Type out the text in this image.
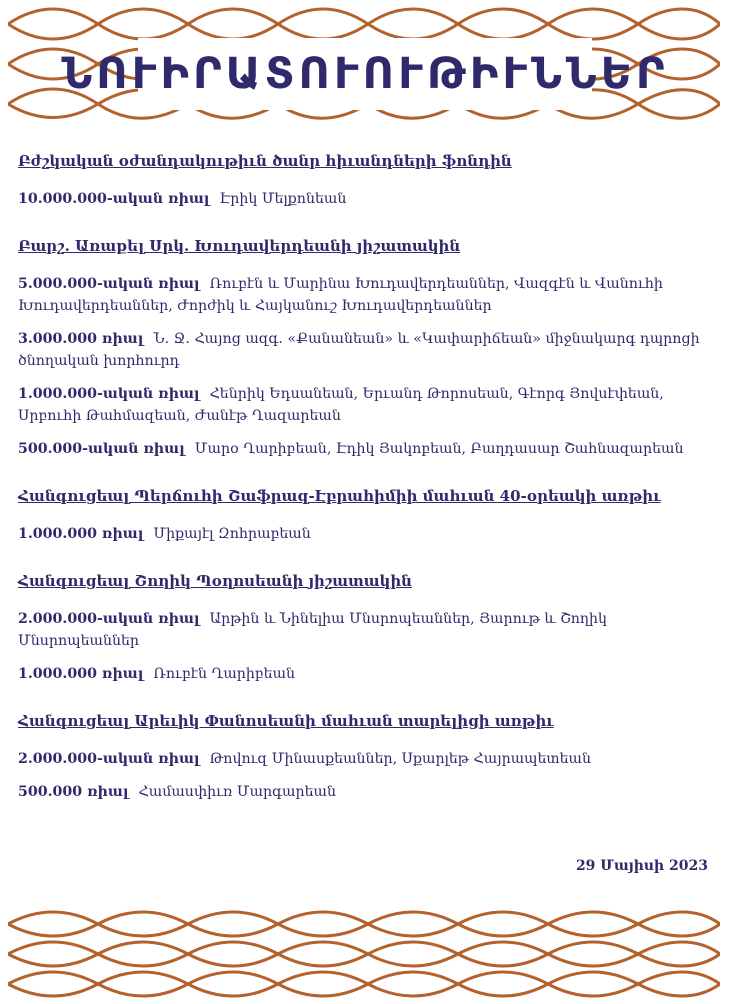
ՆՈՒԻՐԱՏՈՒՈՒԹԻՒՆՆԵՐ

Բժշկական օժանդակութիւն ծանր հիւանդների ֆոնդին

10.000.000-ական ռիալ Էրիկ Մելքոնեան

Բարշ. Առաքել Սրկ. Խուդավերդեանի յիշատակին

5.000.000-ական ռիալ Ռուբէն և Մարինա Խուդավերդեաններ, Վազգէն և Վանուհի Խուդավերդեաններ, Ժորժիկ և Հայկանուշ Խուդավերդեաններ

3.000.000 ռիալ Ն. Ջ. Հայոց ազգ. «Քանանեան» և «Կափարիճեան» միջնակարգ դպրոցի ծնողական խորհուրդ

1.000.000-ական ռիալ Հենրիկ Եդսանեան, Երւանդ Թորոսեան, Գէորգ Յովսէփեան, Սրբուհի Թահմազեան, Ժանէթ Ղազարեան

500.000-ական ռիալ Մարօ Ղարիբեան, Էդիկ Յակոբեան, Բաղդասար Շահնազարեան

Հանգուցեալ Պերճուհի Շաֆրազ-Էբրահիմիի մահւան 40-օրեակի առթիւ

1.000.000 ռիալ Միքայէլ Զոհրաբեան

Հանգուցեալ Շողիկ Պօղոսեանի յիշատակին

2.000.000-ական ռիալ Արթին և Նինելիա Մնսրոպեաններ, Յարութ և Շողիկ Մնսրոպեաններ

1.000.000 ռիալ Ռուբէն Ղարիբեան

Հանգուցեալ Արեւիկ Փանոսեանի մահւան տարելիցի առթիւ

2.000.000-ական ռիալ Թովուզ Մինասքեաններ, Սքարլեթ Հայրապետեան

500.000 ռիալ Համասփիւռ Մարգարեան

29 Մայիսի 2023
